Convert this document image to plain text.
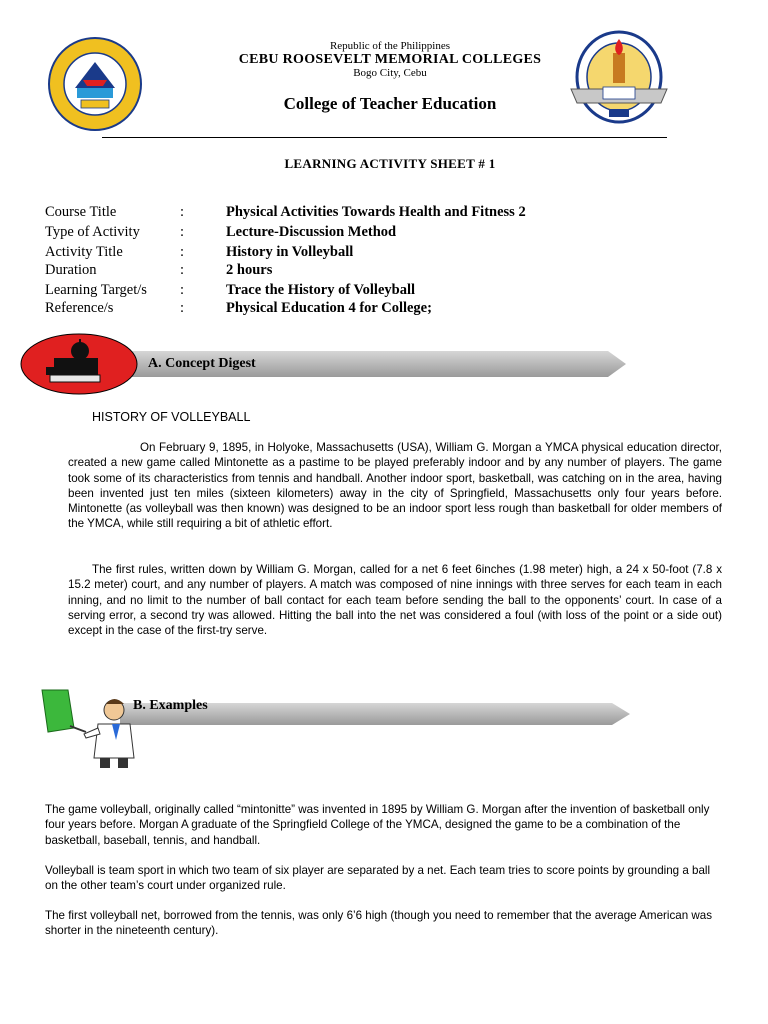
Republic of the Philippines
CEBU ROOSEVELT MEMORIAL COLLEGES
Bogo City, Cebu
College of Teacher Education
LEARNING ACTIVITY SHEET # 1
Course Title	:	Physical Activities Towards Health and Fitness 2
Type of Activity	:	Lecture-Discussion Method
Activity Title	:	History in Volleyball
Duration	:	2 hours
Learning Target/s	:	Trace the History of Volleyball
Reference/s	:	Physical Education 4 for College;
A. Concept Digest
HISTORY OF VOLLEYBALL
On February 9, 1895, in Holyoke, Massachusetts (USA), William G. Morgan a YMCA physical education director, created a new game called Mintonette as a pastime to be played preferably indoor and by any number of players. The game took some of its characteristics from tennis and handball. Another indoor sport, basketball, was catching on in the area, having been invented just ten miles (sixteen kilometers) away in the city of Springfield, Massachusetts only four years before. Mintonette (as volleyball was then known) was designed to be an indoor sport less rough than basketball for older members of the YMCA, while still requiring a bit of athletic effort.
The first rules, written down by William G. Morgan, called for a net 6 feet 6inches (1.98 meter) high, a 24 x 50-foot (7.8 x 15.2 meter) court, and any number of players. A match was composed of nine innings with three serves for each team in each inning, and no limit to the number of ball contact for each team before sending the ball to the opponents’ court. In case of a serving error, a second try was allowed. Hitting the ball into the net was considered a foul (with loss of the point or a side out) except in the case of the first-try serve.
B. Examples
The game volleyball, originally called “mintonitte” was invented in 1895 by William G. Morgan after the invention of basketball only four years before. Morgan A graduate of the Springfield College of the YMCA, designed the game to be a combination of the basketball, baseball, tennis, and handball.
Volleyball is team sport in which two team of six player are separated by a net. Each team tries to score points by grounding a ball on the other team’s court under organized rule.
The first volleyball net, borrowed from the tennis, was only 6’6 high (though you need to remember that the average American was shorter in the nineteenth century).
